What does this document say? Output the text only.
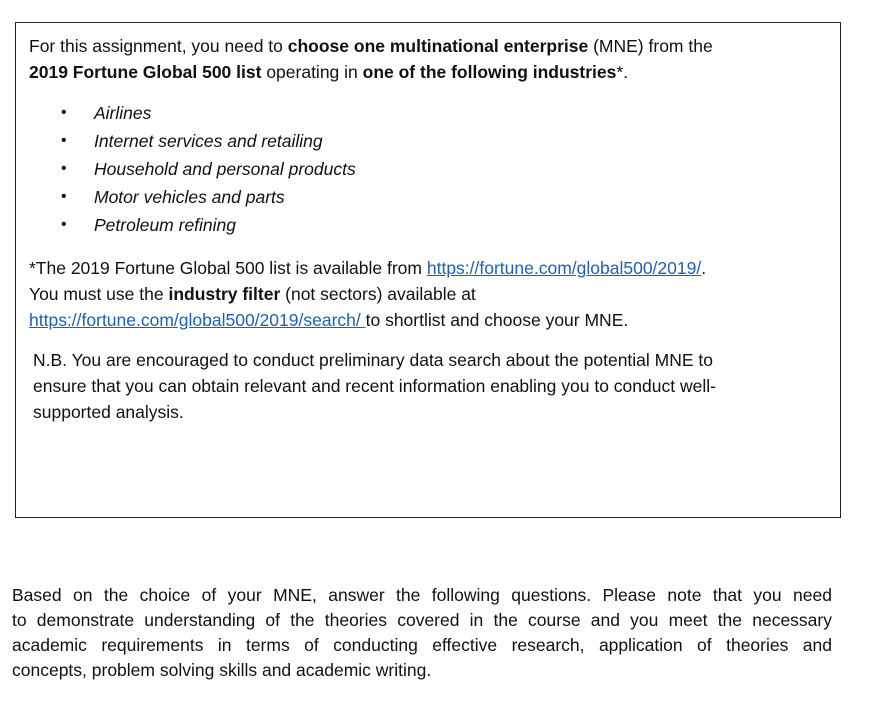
For this assignment, you need to choose one multinational enterprise (MNE) from the

2019 Fortune Global 500 list operating in one of the following industries*.

• Airlines
• Internet services and retailing
• Household and personal products
• Motor vehicles and parts
• Petroleum refining

*The 2019 Fortune Global 500 list is available from https://fortune.com/global500/2019/.

You must use the industry filter (not sectors) available at

https://fortune.com/global500/2019/search/ to shortlist and choose your MNE.

N.B. You are encouraged to conduct preliminary data search about the potential MNE to
ensure that you can obtain relevant and recent information enabling you to conduct well-
supported analysis.

Based on the choice of your MNE, answer the following questions. Please note that you need
to demonstrate understanding of the theories covered in the course and you meet the necessary
academic requirements in terms of conducting effective research, application of theories and
concepts, problem solving skills and academic writing.
